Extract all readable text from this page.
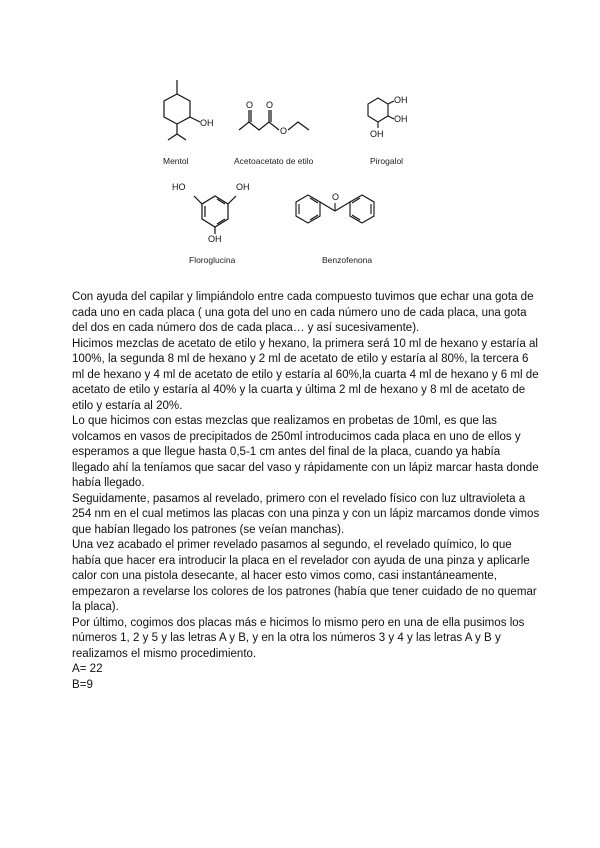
OH
Mentol
O O
O
Acetoacetato de etilo
OH
OH
OH
Pirogalol
HO	OH
OH
Floroglucina
O
Benzofenona

Con ayuda del capilar y limpiándolo entre cada compuesto tuvimos que echar una gota de cada uno en cada placa ( una gota del uno en cada número uno de cada placa, una gota del dos en cada número dos de cada placa… y así sucesivamente).

Hicimos mezclas de acetato de etilo y hexano, la primera será 10 ml de hexano y estaría al 100%, la segunda 8 ml de hexano y 2 ml de acetato de etilo y estaría al 80%, la tercera 6 ml de hexano y 4 ml de acetato de etilo y estaría al 60%,la cuarta 4 ml de hexano y 6 ml de acetato de etilo y estaría al 40% y la cuarta y última 2 ml de hexano y 8 ml de acetato de etilo y estaría al 20%.

Lo que hicimos con estas mezclas que realizamos en probetas de 10ml, es que las volcamos en vasos de precipitados de 250ml introducimos cada placa en uno de ellos y esperamos a que llegue hasta 0,5-1 cm antes del final de la placa, cuando ya había llegado ahí la teníamos que sacar del vaso y rápidamente con un lápiz marcar hasta donde había llegado.

Seguidamente, pasamos al revelado, primero con el revelado físico con luz ultravioleta a 254 nm en el cual metimos las placas con una pinza y con un lápiz marcamos donde vimos que habían llegado los patrones (se veían manchas).

Una vez acabado el primer revelado pasamos al segundo, el revelado químico, lo que había que hacer era introducir la placa en el revelador con ayuda de una pinza y aplicarle calor con una pistola desecante, al hacer esto vimos como, casi instantáneamente, empezaron a revelarse los colores de los patrones (había que tener cuidado de no quemar la placa).

Por último, cogimos dos placas más e hicimos lo mismo pero en una de ella pusimos los números 1, 2 y 5 y las letras A y B, y en la otra los números 3 y 4 y las letras A y B y realizamos el mismo procedimiento.

A= 22

B=9
